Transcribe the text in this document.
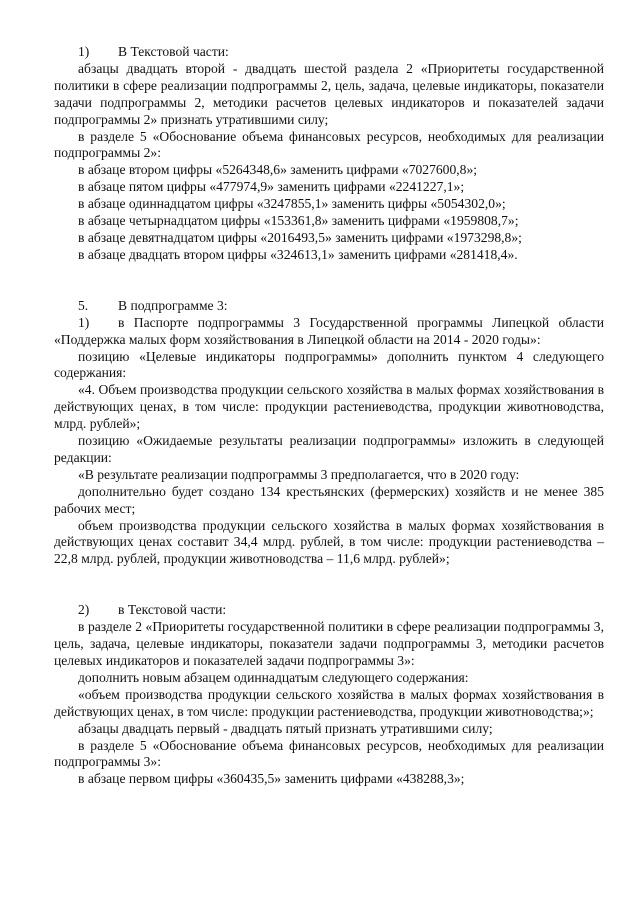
1) В Текстовой части:

абзацы двадцать второй - двадцать шестой раздела 2 «Приоритеты государственной политики в сфере реализации подпрограммы 2, цель, задача, целевые индикаторы, показатели задачи подпрограммы 2, методики расчетов целевых индикаторов и показателей задачи подпрограммы 2» признать утратившими силу;

в разделе 5 «Обоснование объема финансовых ресурсов, необходимых для реализации подпрограммы 2»:

в абзаце втором цифры «5264348,6» заменить цифрами «7027600,8»;

в абзаце пятом цифры «477974,9» заменить цифрами «2241227,1»;

в абзаце одиннадцатом цифры «3247855,1» заменить цифры «5054302,0»;

в абзаце четырнадцатом цифры «153361,8» заменить цифрами «1959808,7»;

в абзаце девятнадцатом цифры «2016493,5» заменить цифрами «1973298,8»;

в абзаце двадцать втором цифры «324613,1» заменить цифрами «281418,4».

5. В подпрограмме 3:

1) в Паспорте подпрограммы 3 Государственной программы Липецкой области «Поддержка малых форм хозяйствования в Липецкой области на 2014 - 2020 годы»:

позицию «Целевые индикаторы подпрограммы» дополнить пунктом 4 следующего содержания:

«4. Объем производства продукции сельского хозяйства в малых формах хозяйствования в действующих ценах, в том числе: продукции растениеводства, продукции животноводства, млрд. рублей»;

позицию «Ожидаемые результаты реализации подпрограммы» изложить в следующей редакции:

«В результате реализации подпрограммы 3 предполагается, что в 2020 году:

дополнительно будет создано 134 крестьянских (фермерских) хозяйств и не менее 385 рабочих мест;

объем производства продукции сельского хозяйства в малых формах хозяйствования в действующих ценах составит 34,4 млрд. рублей, в том числе: продукции растениеводства – 22,8 млрд. рублей, продукции животноводства – 11,6 млрд. рублей»;

2) в Текстовой части:

в разделе 2 «Приоритеты государственной политики в сфере реализации подпрограммы 3, цель, задача, целевые индикаторы, показатели задачи подпрограммы 3, методики расчетов целевых индикаторов и показателей задачи подпрограммы 3»:

дополнить новым абзацем одиннадцатым следующего содержания:

«объем производства продукции сельского хозяйства в малых формах хозяйствования в действующих ценах, в том числе: продукции растениеводства, продукции животноводства;»;

абзацы двадцать первый - двадцать пятый признать утратившими силу;

в разделе 5 «Обоснование объема финансовых ресурсов, необходимых для реализации подпрограммы 3»:

в абзаце первом цифры «360435,5» заменить цифрами «438288,3»;
